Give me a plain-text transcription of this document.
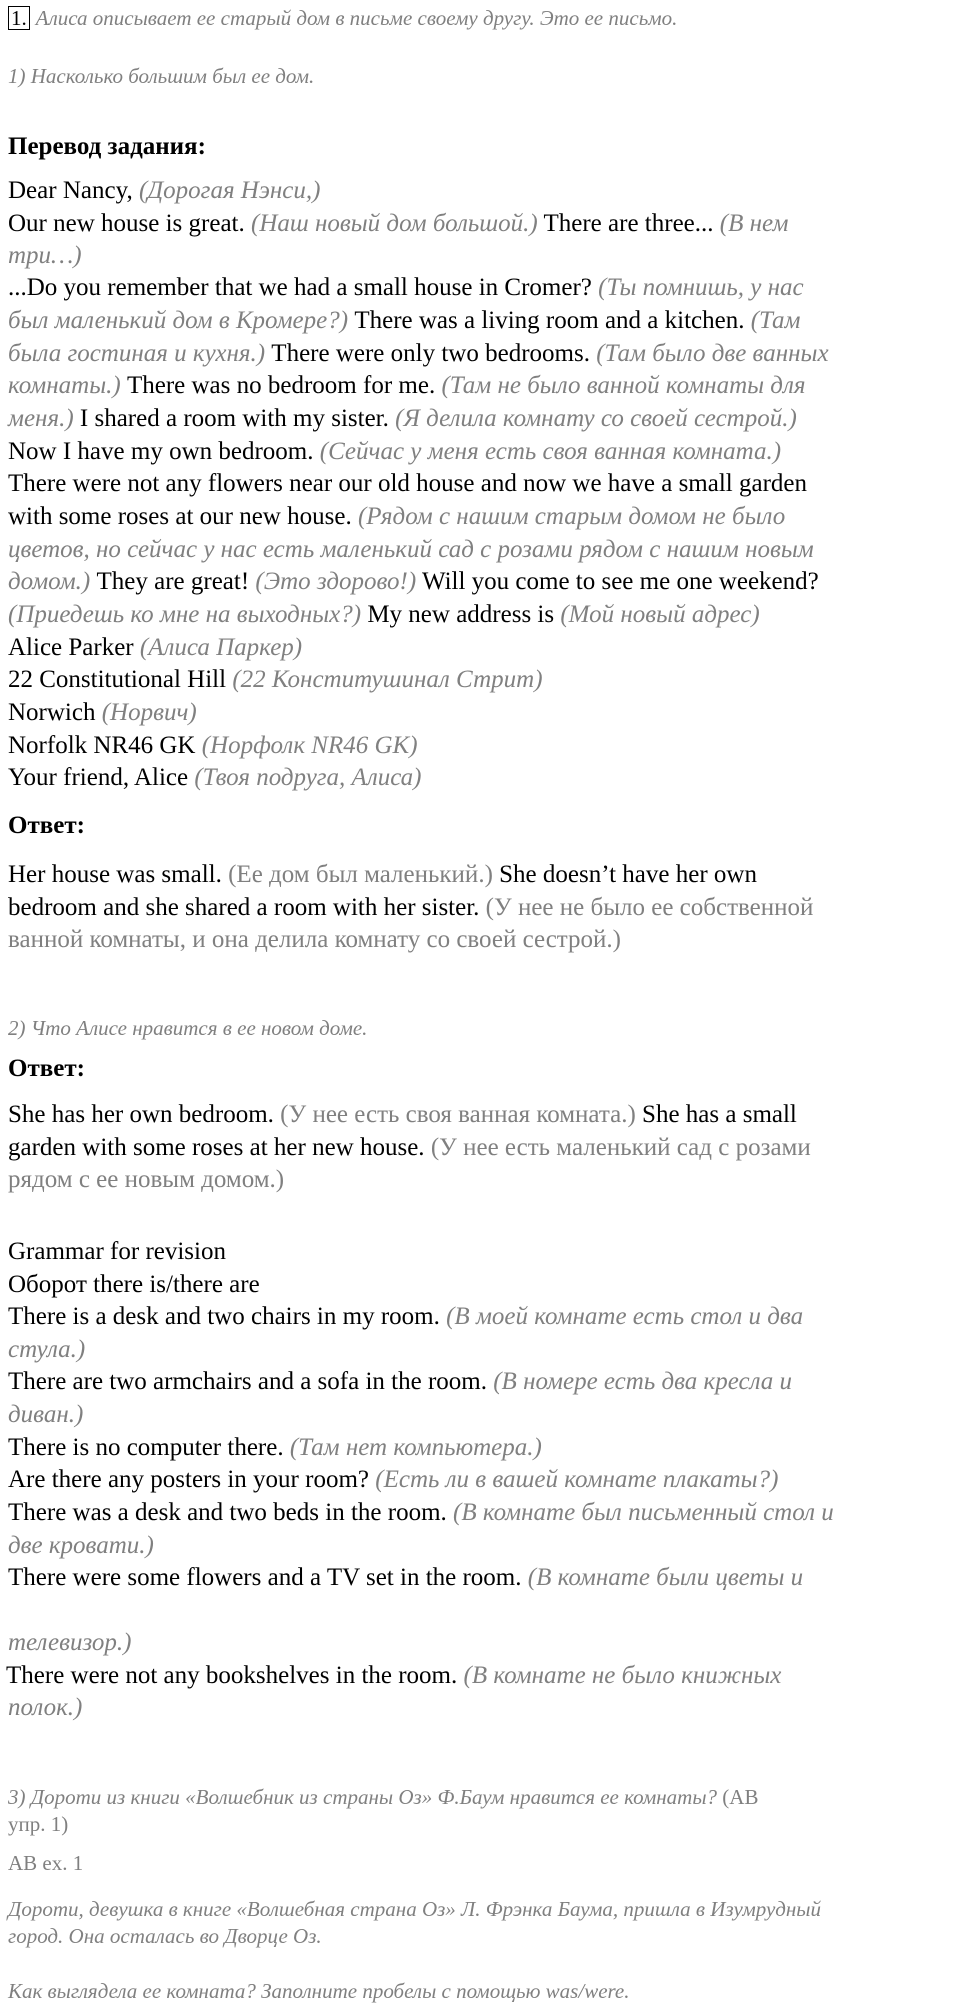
1. Алиса описывает ее старый дом в письме своему другу. Это ее письмо.
1) Насколько большим был ее дом.
Перевод задания:
Dear Nancy, (Дорогая Нэнси,)
Our new house is great. (Наш новый дом большой.) There are three... (В нем
три…)
...Do you remember that we had a small house in Cromer? (Ты помнишь, у нас
был маленький дом в Кромере?) There was a living room and a kitchen. (Там
была гостиная и кухня.) There were only two bedrooms. (Там было две ванных
комнаты.) There was no bedroom for me. (Там не было ванной комнаты для
меня.) I shared a room with my sister. (Я делила комнату со своей сестрой.)
Now I have my own bedroom. (Сейчас у меня есть своя ванная комната.)
There were not any flowers near our old house and now we have a small garden
with some roses at our new house. (Рядом с нашим старым домом не было
цветов, но сейчас у нас есть маленький сад с розами рядом с нашим новым
домом.) They are great! (Это здорово!) Will you come to see me one weekend?
(Приедешь ко мне на выходных?) My new address is (Мой новый адрес)
Alice Parker (Алиса Паркер)
22 Constitutional Hill (22 Конститушинал Стрит)
Norwich (Норвич)
Norfolk NR46 GK (Норфолк NR46 GK)
Your friend, Alice (Твоя подруга, Алиса)
Ответ:
Her house was small. (Ее дом был маленький.) She doesn’t have her own
bedroom and she shared a room with her sister. (У нее не было ее собственной
ванной комнаты, и она делила комнату со своей сестрой.)
2) Что Алисе нравится в ее новом доме.
Ответ:
She has her own bedroom. (У нее есть своя ванная комната.) She has a small
garden with some roses at her new house. (У нее есть маленький сад с розами
рядом с ее новым домом.)
Grammar for revision
Оборот there is/there are
There is a desk and two chairs in my room. (В моей комнате есть стол и два
стула.)
There are two armchairs and a sofa in the room. (В номере есть два кресла и
диван.)
There is no computer there. (Там нет компьютера.)
Are there any posters in your room? (Есть ли в вашей комнате плакаты?)
There was a desk and two beds in the room. (В комнате был письменный стол и
две кровати.)
There were some flowers and a TV set in the room. (В комнате были цветы и
телевизор.)
There were not any bookshelves in the room. (В комнате не было книжных
полок.)
3) Дороти из книги «Волшебник из страны Оз» Ф.Баум нравится ее комнаты? (AB
упр. 1)
AB ex. 1
Дороти, девушка в книге «Волшебная страна Оз» Л. Фрэнка Баума, пришла в Изумрудный
город. Она осталась во Дворце Оз.
Как выглядела ее комната? Заполните пробелы с помощью was/were.
